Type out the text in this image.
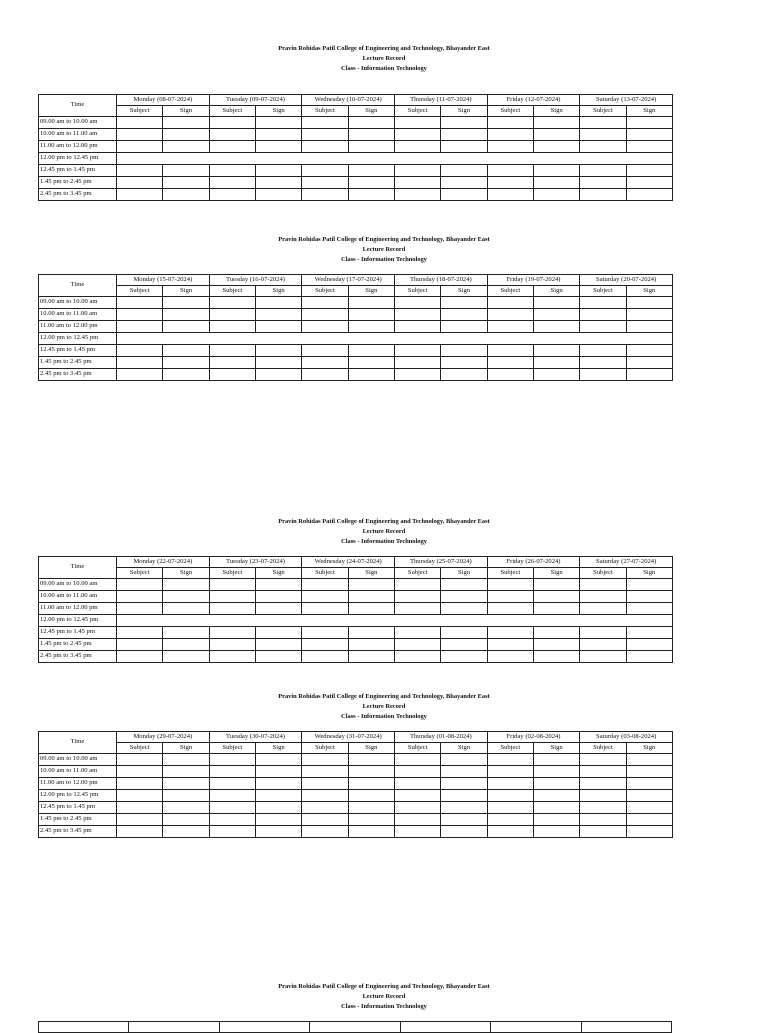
Pravin Rohidas Patil College of Engineering and Technology, Bhayander East
Lecture Record
Class - Information Technology
Time	Monday (08-07-2024)		Tuesday (09-07-2024)		Wednesday (10-07-2024)		Thursday (11-07-2024)		Friday (12-07-2024)		Saturday (13-07-2024)	
	Subject	Sign	Subject	Sign	Subject	Sign	Subject	Sign	Subject	Sign	Subject	Sign
09.00 am to 10.00 am												
10.00 am to 11.00 am												
11.00 am to 12.00 pm												
12.00 pm to 12.45 pm												
12.45 pm to 1.45 pm												
1.45 pm to 2.45 pm												
2.45 pm to 3.45 pm												
Pravin Rohidas Patil College of Engineering and Technology, Bhayander East
Lecture Record
Class - Information Technology
Time	Monday (15-07-2024)		Tuesday (16-07-2024)		Wednesday (17-07-2024)		Thursday (18-07-2024)		Friday (19-07-2024)		Saturday (20-07-2024)	
	Subject	Sign	Subject	Sign	Subject	Sign	Subject	Sign	Subject	Sign	Subject	Sign
09.00 am to 10.00 am												
10.00 am to 11.00 am												
11.00 am to 12.00 pm												
12.00 pm to 12.45 pm												
12.45 pm to 1.45 pm												
1.45 pm to 2.45 pm												
2.45 pm to 3.45 pm												
Pravin Rohidas Patil College of Engineering and Technology, Bhayander East
Lecture Record
Class - Information Technology
Time	Monday (22-07-2024)		Tuesday (23-07-2024)		Wednesday (24-07-2024)		Thursday (25-07-2024)		Friday (26-07-2024)		Saturday (27-07-2024)	
	Subject	Sign	Subject	Sign	Subject	Sign	Subject	Sign	Subject	Sign	Subject	Sign
09.00 am to 10.00 am												
10.00 am to 11.00 am												
11.00 am to 12.00 pm												
12.00 pm to 12.45 pm												
12.45 pm to 1.45 pm												
1.45 pm to 2.45 pm												
2.45 pm to 3.45 pm												
Pravin Rohidas Patil College of Engineering and Technology, Bhayander East
Lecture Record
Class - Information Technology
Time	Monday (29-07-2024)		Tuesday (30-07-2024)		Wednesday (31-07-2024)		Thursday (01-08-2024)		Friday (02-08-2024)		Saturday (03-08-2024)	
	Subject	Sign	Subject	Sign	Subject	Sign	Subject	Sign	Subject	Sign	Subject	Sign
09.00 am to 10.00 am												
10.00 am to 11.00 am												
11.00 am to 12.00 pm												
12.00 pm to 12.45 pm												
12.45 pm to 1.45 pm												
1.45 pm to 2.45 pm												
2.45 pm to 3.45 pm												
Pravin Rohidas Patil College of Engineering and Technology, Bhayander East
Lecture Record
Class - Information Technology
